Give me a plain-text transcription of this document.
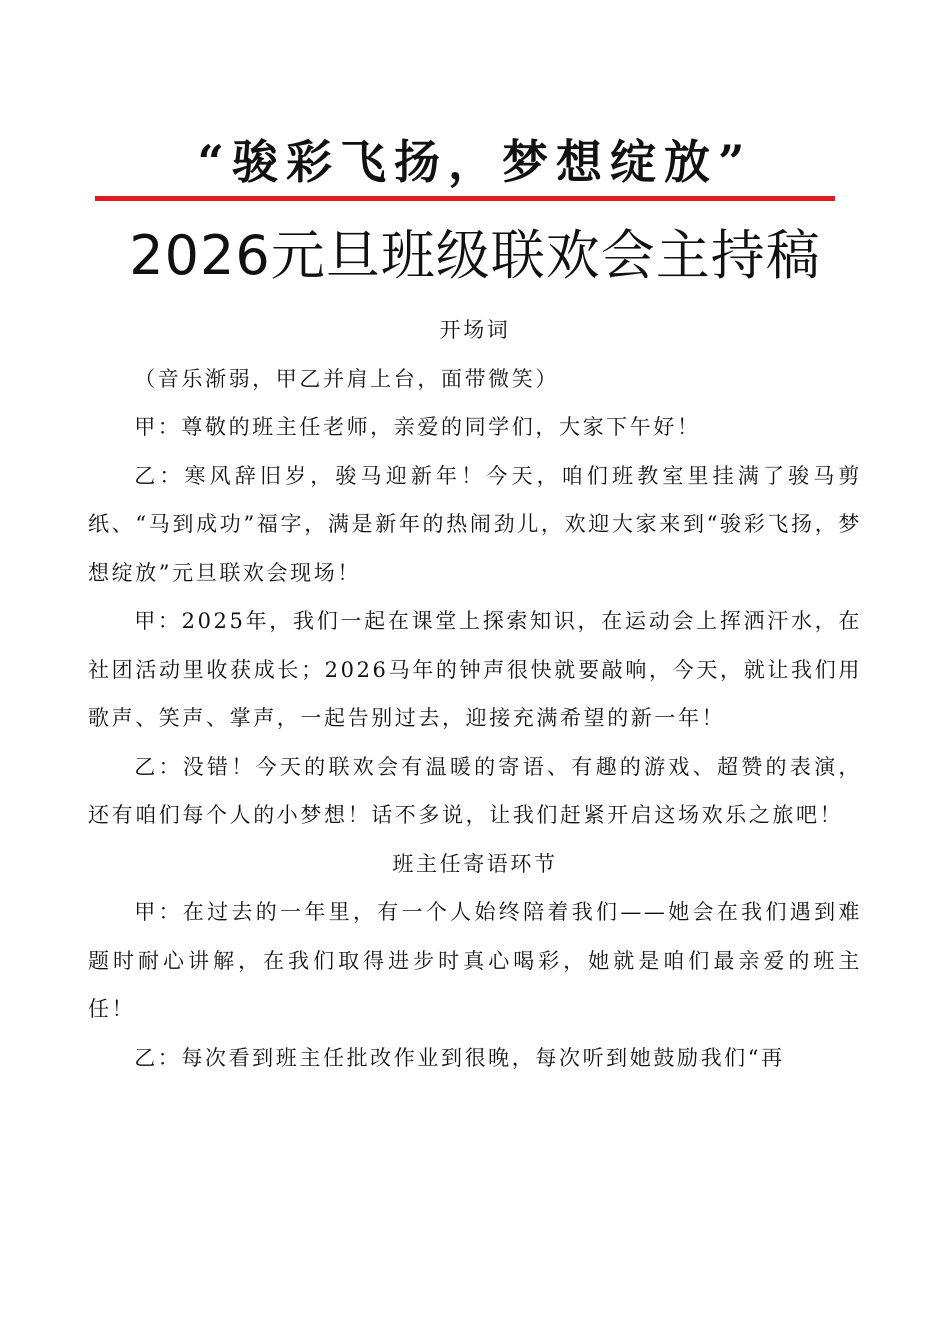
“骏彩飞扬，梦想绽放”
2026元旦班级联欢会主持稿

开场词

（音乐渐弱，甲乙并肩上台，面带微笑）

甲：尊敬的班主任老师，亲爱的同学们，大家下午好！

乙：寒风辞旧岁，骏马迎新年！今天，咱们班教室里挂满了骏马剪纸、“马到成功”福字，满是新年的热闹劲儿，欢迎大家来到“骏彩飞扬，梦想绽放”元旦联欢会现场！

甲：2025年，我们一起在课堂上探索知识，在运动会上挥洒汗水，在社团活动里收获成长；2026马年的钟声很快就要敲响，今天，就让我们用歌声、笑声、掌声，一起告别过去，迎接充满希望的新一年！

乙：没错！今天的联欢会有温暖的寄语、有趣的游戏、超赞的表演，还有咱们每个人的小梦想！话不多说，让我们赶紧开启这场欢乐之旅吧！

班主任寄语环节

甲：在过去的一年里，有一个人始终陪着我们——她会在我们遇到难题时耐心讲解，在我们取得进步时真心喝彩，她就是咱们最亲爱的班主任！

乙：每次看到班主任批改作业到很晚，每次听到她鼓励我们“再
